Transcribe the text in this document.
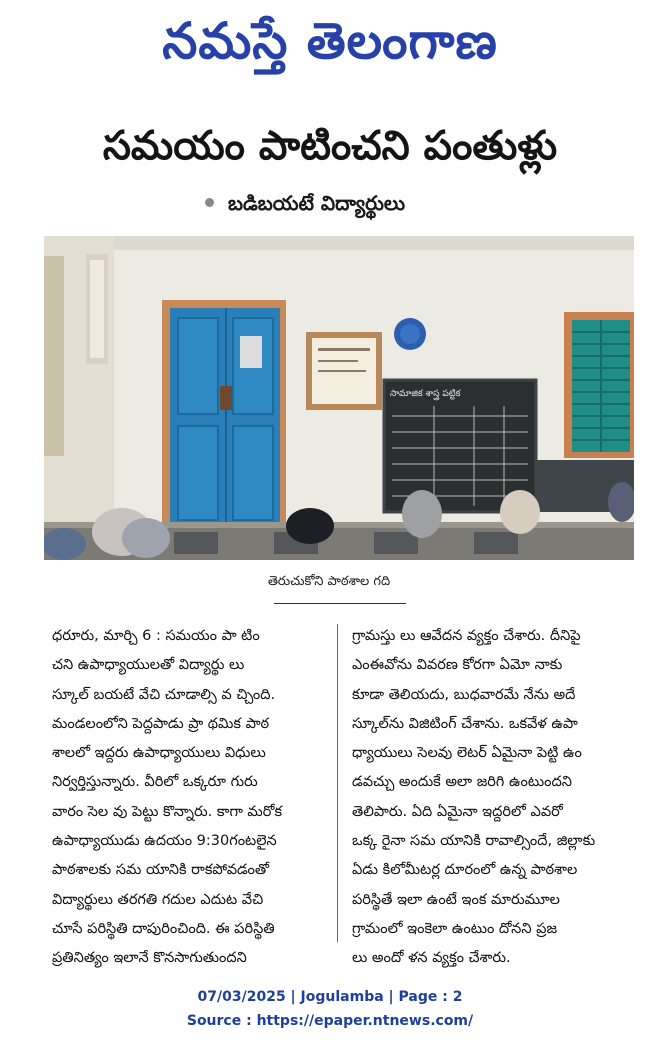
నమస్తే తెలంగాణ
సమయం పాటించని పంతుళ్లు
బడిబయటే విద్యార్థులు
సామాజిక శాస్త్ర పట్టిక
తెరుచుకోని పాఠశాల గది
ధరూరు, మార్చి 6 : సమయం పా టిం
చని ఉపాధ్యాయులతో విద్యార్థు లు
స్కూల్ బయటే వేచి చూడాల్సి వ చ్చింది.
మండలంలోని పెద్దపాడు ప్రా థమిక పాఠ
శాలలో ఇద్దరు ఉపాధ్యాయులు విధులు
నిర్వర్తిస్తున్నారు. వీరిలో ఒక్కరూ గురు
వారం సెల వు పెట్టు కొన్నారు. కాగా మరోక
ఉపాధ్యాయుడు ఉదయం 9:30గంటలైన
పాఠశాలకు సమ యానికి రాకపోవడంతో
విద్యార్థులు తరగతి గదుల ఎదుట వేచి
చూసే పరిస్థితి దాపురించింది. ఈ పరిస్థితి
ప్రతినిత్యం ఇలానే కొనసాగుతుందని
గ్రామస్తు లు ఆవేదన వ్యక్తం చేశారు. దీనిపై
ఎంఈవోను వివరణ కోరగా ఏమో నాకు
కూడా తెలియదు, బుధవారమే నేను అదే
స్కూల్‌ను విజిటింగ్ చేశాను. ఒకవేళ ఉపా
ధ్యాయులు సెలవు లెటర్ ఏమైనా పెట్టి ఉం
డవచ్చు అందుకే అలా జరిగి ఉంటుందని
తెలిపారు. ఏది ఏమైనా ఇద్దరిలో ఎవరో
ఒక్క రైనా సమ యానికి రావాల్సిందే, జిల్లాకు
ఏడు కిలోమీటర్ల దూరంలో ఉన్న పాఠశాల
పరిస్థితే ఇలా ఉంటే ఇంక మారుమూల
గ్రామంలో ఇంకెలా ఉంటుం దోనని ప్రజ
లు అందో ళన వ్యక్తం చేశారు.
07/03/2025 | Jogulamba | Page : 2
Source : https://epaper.ntnews.com/
